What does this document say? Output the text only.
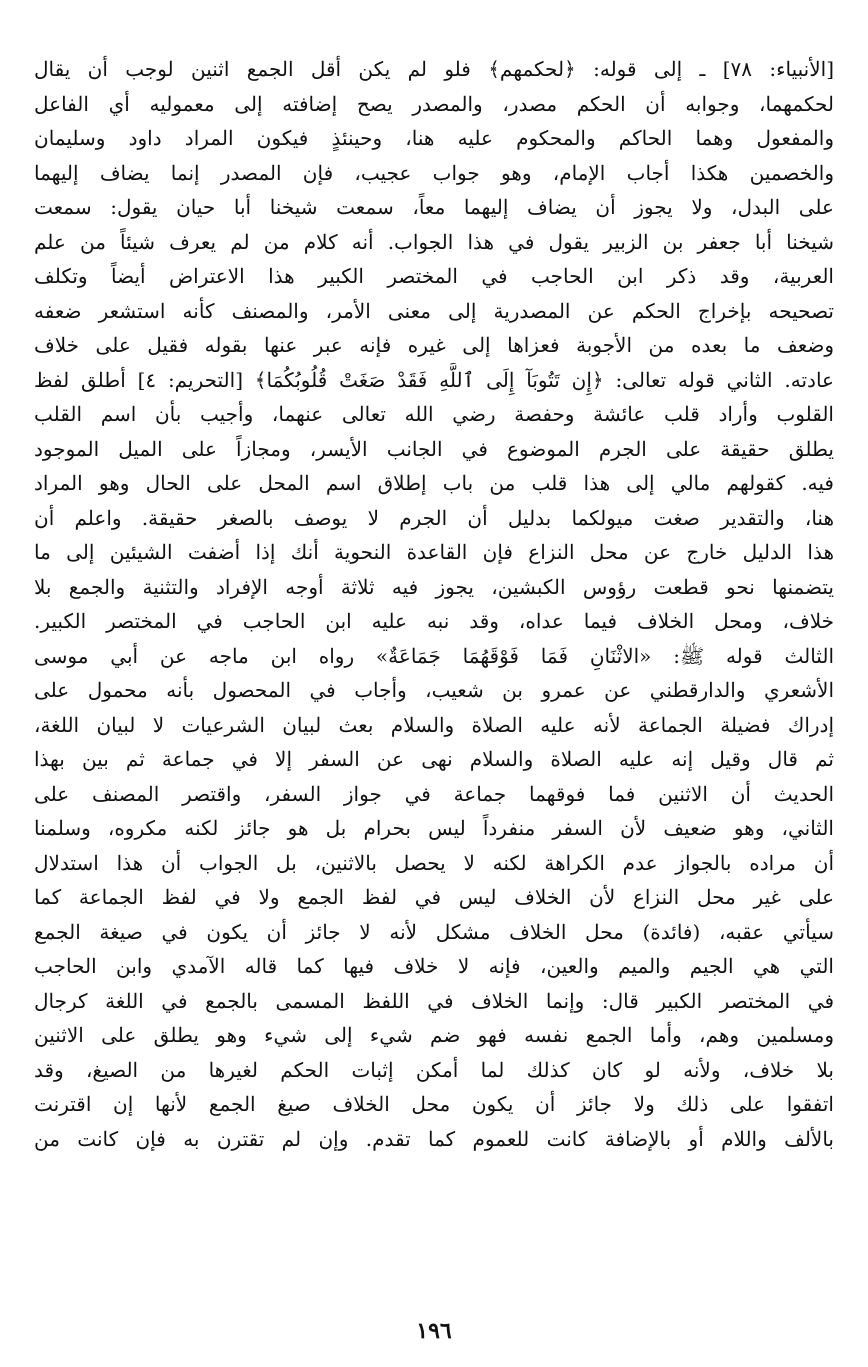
[الأنبياء: ٧٨] ـ إلى قوله: ﴿لحكمهم﴾ فلو لم يكن أقل الجمع اثنين لوجب أن يقال
لحكمهما، وجوابه أن الحكم مصدر، والمصدر يصح إضافته إلى معموليه أي الفاعل
والمفعول وهما الحاكم والمحكوم عليه هنا، وحينئذٍ فيكون المراد داود وسليمان
والخصمين هكذا أجاب الإمام، وهو جواب عجيب، فإن المصدر إنما يضاف إليهما
على البدل، ولا يجوز أن يضاف إليهما معاً، سمعت شيخنا أبا حيان يقول: سمعت
شيخنا أبا جعفر بن الزبير يقول في هذا الجواب. أنه كلام من لم يعرف شيئاً من علم
العربية، وقد ذكر ابن الحاجب في المختصر الكبير هذا الاعتراض أيضاً وتكلف
تصحيحه بإخراج الحكم عن المصدرية إلى معنى الأمر، والمصنف كأنه استشعر ضعفه
وضعف ما بعده من الأجوبة فعزاها إلى غيره فإنه عبر عنها بقوله فقيل على خلاف
عادته. الثاني قوله تعالى: ﴿إِن تَتُوبَآ إِلَى ٱللَّهِ فَقَدْ صَغَتْ قُلُوبُكُمَا﴾ [التحريم: ٤] أطلق لفظ
القلوب وأراد قلب عائشة وحفصة رضي الله تعالى عنهما، وأجيب بأن اسم القلب
يطلق حقيقة على الجرم الموضوع في الجانب الأيسر، ومجازاً على الميل الموجود
فيه. كقولهم مالي إلى هذا قلب من باب إطلاق اسم المحل على الحال وهو المراد
هنا، والتقدير صغت ميولكما بدليل أن الجرم لا يوصف بالصغر حقيقة. واعلم أن
هذا الدليل خارج عن محل النزاع فإن القاعدة النحوية أنك إذا أضفت الشيئين إلى ما
يتضمنها نحو قطعت رؤوس الكبشين، يجوز فيه ثلاثة أوجه الإفراد والتثنية والجمع بلا
خلاف، ومحل الخلاف فيما عداه، وقد نبه عليه ابن الحاجب في المختصر الكبير.
الثالث قوله ﷺ: «الاثْنَانِ فَمَا فَوْقَهُمَا جَمَاعَةٌ» رواه ابن ماجه عن أبي موسى
الأشعري والدارقطني عن عمرو بن شعيب، وأجاب في المحصول بأنه محمول على
إدراك فضيلة الجماعة لأنه عليه الصلاة والسلام بعث لبيان الشرعيات لا لبيان اللغة،
ثم قال وقيل إنه عليه الصلاة والسلام نهى عن السفر إلا في جماعة ثم بين بهذا
الحديث أن الاثنين فما فوقهما جماعة في جواز السفر، واقتصر المصنف على
الثاني، وهو ضعيف لأن السفر منفرداً ليس بحرام بل هو جائز لكنه مكروه، وسلمنا
أن مراده بالجواز عدم الكراهة لكنه لا يحصل بالاثنين، بل الجواب أن هذا استدلال
على غير محل النزاع لأن الخلاف ليس في لفظ الجمع ولا في لفظ الجماعة كما
سيأتي عقبه، (فائدة) محل الخلاف مشكل لأنه لا جائز أن يكون في صيغة الجمع
التي هي الجيم والميم والعين، فإنه لا خلاف فيها كما قاله الآمدي وابن الحاجب
في المختصر الكبير قال: وإنما الخلاف في اللفظ المسمى بالجمع في اللغة كرجال
ومسلمين وهم، وأما الجمع نفسه فهو ضم شيء إلى شيء وهو يطلق على الاثنين
بلا خلاف، ولأنه لو كان كذلك لما أمكن إثبات الحكم لغيرها من الصيغ، وقد
اتفقوا على ذلك ولا جائز أن يكون محل الخلاف صيغ الجمع لأنها إن اقترنت
بالألف واللام أو بالإضافة كانت للعموم كما تقدم. وإن لم تقترن به فإن كانت من
١٩٦
